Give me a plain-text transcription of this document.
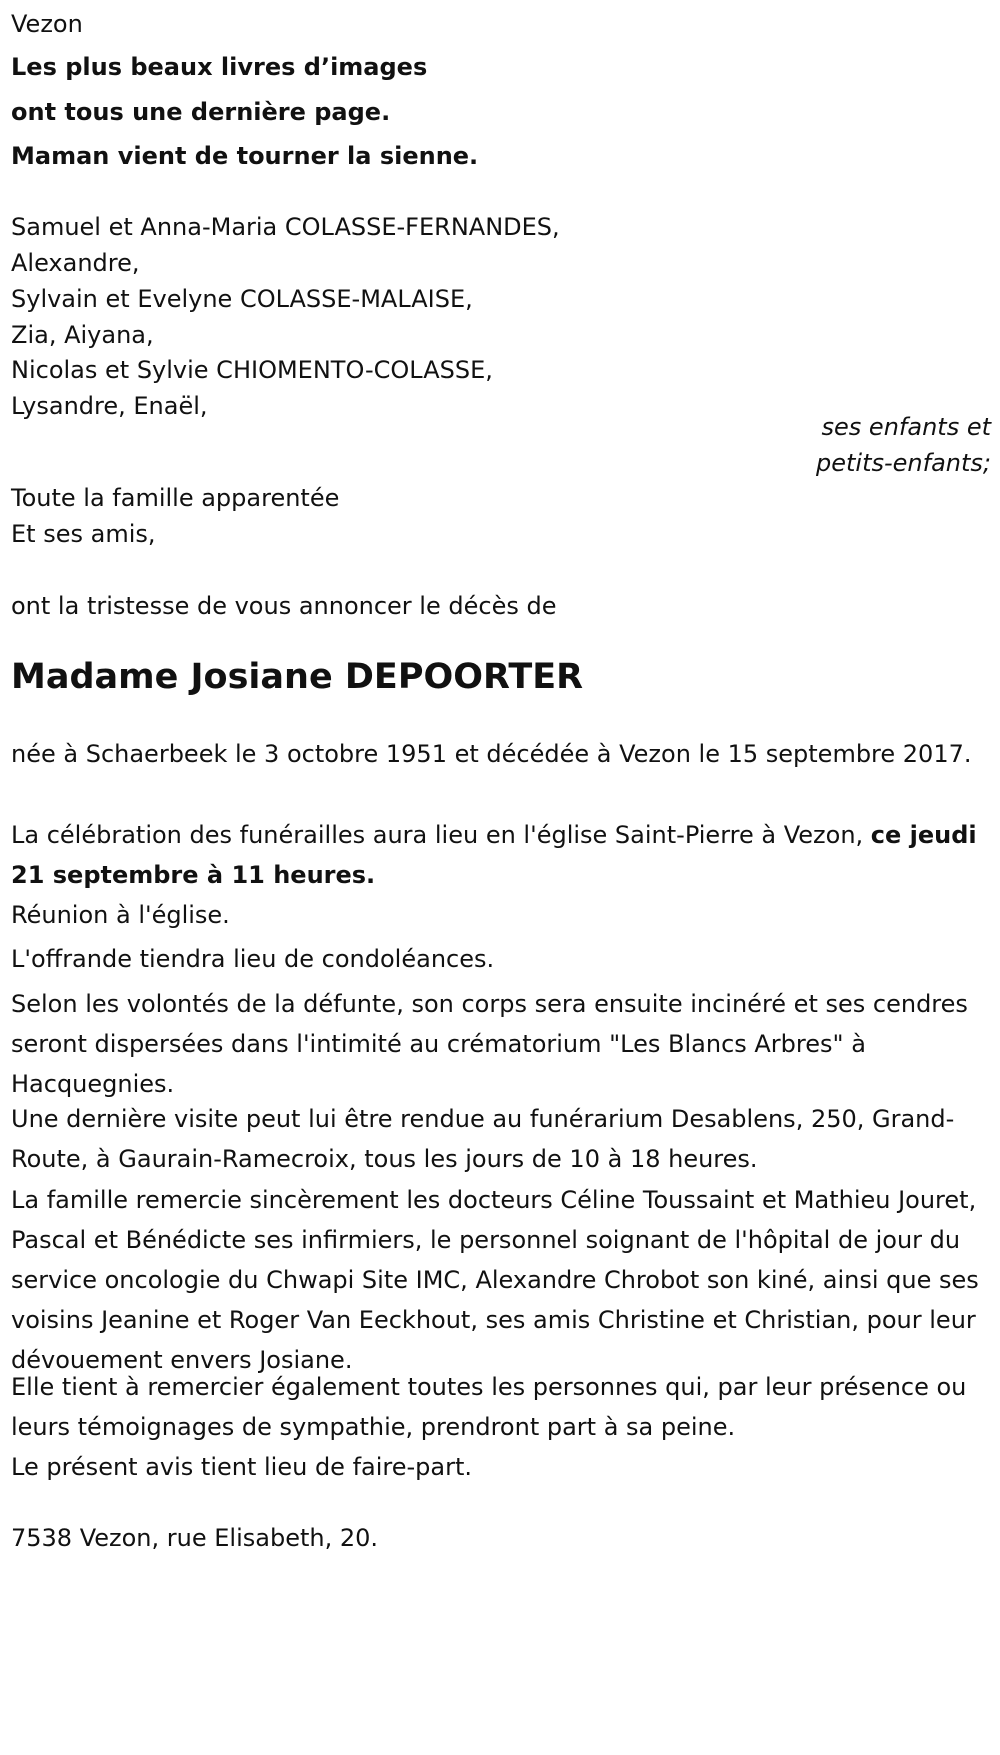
Vezon
Les plus beaux livres d’images
ont tous une dernière page.
Maman vient de tourner la sienne.
Samuel et Anna-Maria COLASSE-FERNANDES,
Alexandre,
Sylvain et Evelyne COLASSE-MALAISE,
Zia, Aiyana,
Nicolas et Sylvie CHIOMENTO-COLASSE,
Lysandre, Enaël,
ses enfants et
petits-enfants;
Toute la famille apparentée
Et ses amis,
ont la tristesse de vous annoncer le décès de
Madame Josiane DEPOORTER
née à Schaerbeek le 3 octobre 1951 et décédée à Vezon le 15 septembre 2017.
La célébration des funérailles aura lieu en l'église Saint-Pierre à Vezon, ce jeudi 21 septembre à 11 heures.
Réunion à l'église.
L'offrande tiendra lieu de condoléances.
Selon les volontés de la défunte, son corps sera ensuite incinéré et ses cendres seront dispersées dans l'intimité au crématorium "Les Blancs Arbres" à Hacquegnies.
Une dernière visite peut lui être rendue au funérarium Desablens, 250, Grand-Route, à Gaurain-Ramecroix, tous les jours de 10 à 18 heures.
La famille remercie sincèrement les docteurs Céline Toussaint et Mathieu Jouret, Pascal et Bénédicte ses infirmiers, le personnel soignant de l'hôpital de jour du service oncologie du Chwapi Site IMC, Alexandre Chrobot son kiné, ainsi que ses voisins Jeanine et Roger Van Eeckhout, ses amis Christine et Christian, pour leur dévouement envers Josiane.
Elle tient à remercier également toutes les personnes qui, par leur présence ou leurs témoignages de sympathie, prendront part à sa peine.
Le présent avis tient lieu de faire-part.
7538 Vezon, rue Elisabeth, 20.
